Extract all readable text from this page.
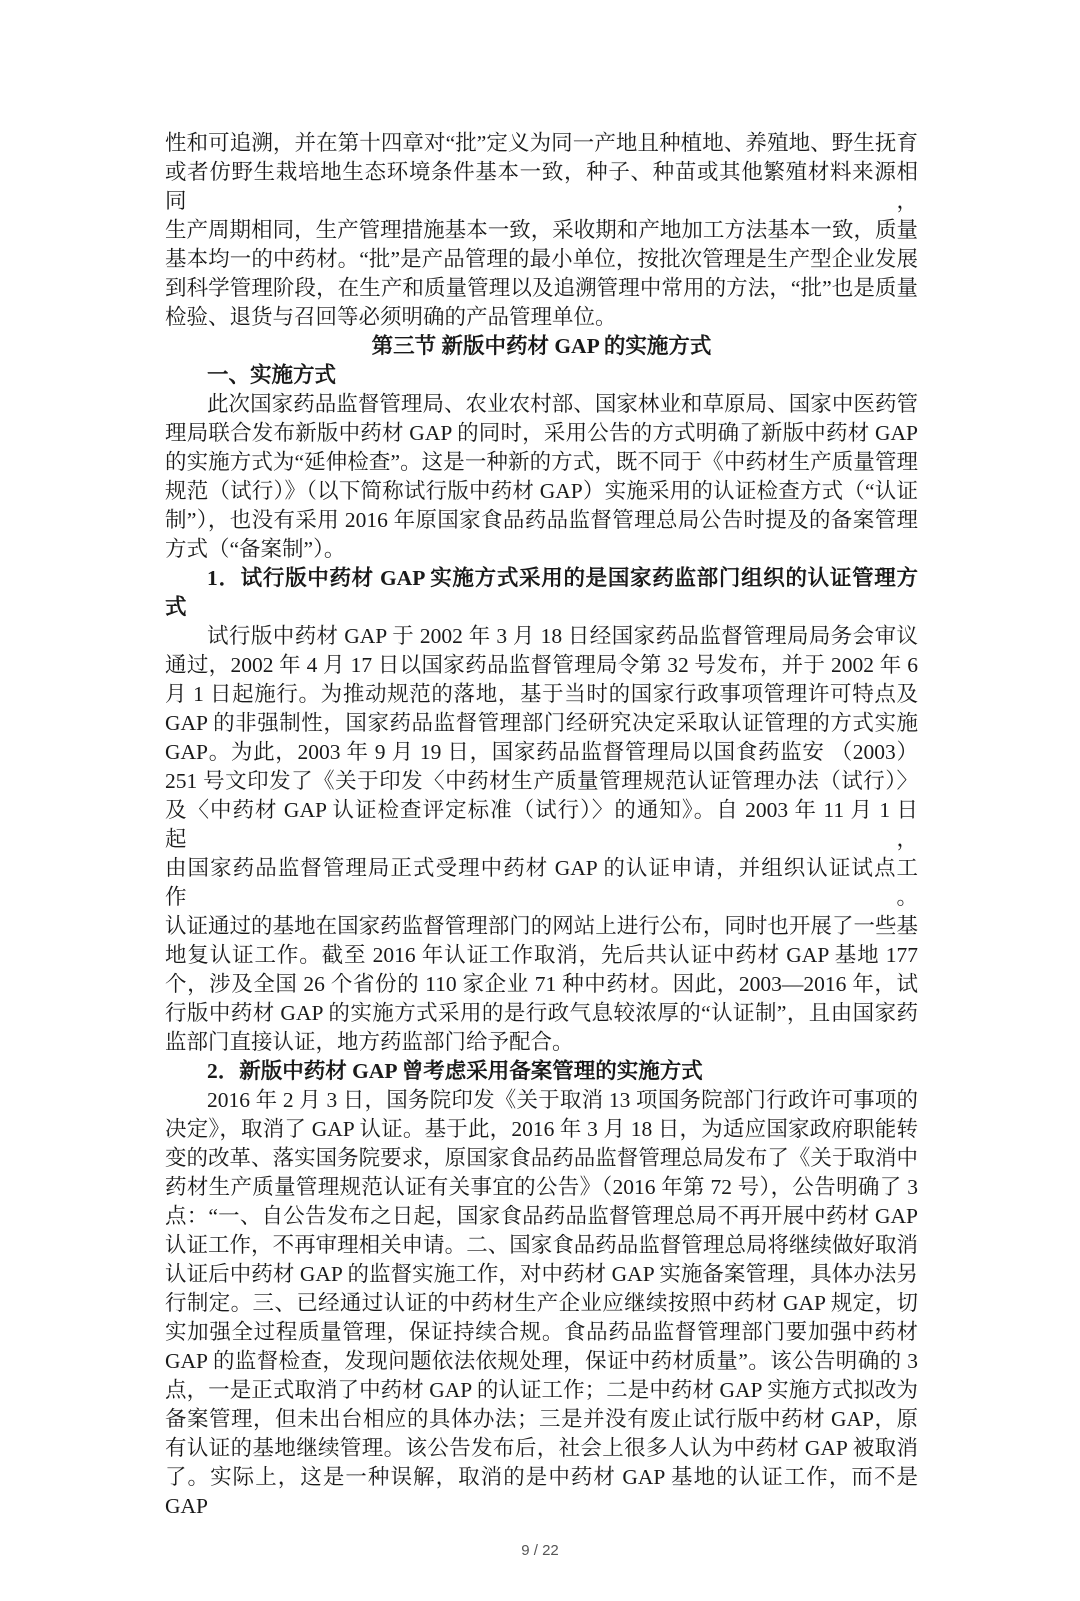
性和可追溯，并在第十四章对“批”定义为同一产地且种植地、养殖地、野生抚育
或者仿野生栽培地生态环境条件基本一致，种子、种苗或其他繁殖材料来源相同，
生产周期相同，生产管理措施基本一致，采收期和产地加工方法基本一致，质量
基本均一的中药材。“批”是产品管理的最小单位，按批次管理是生产型企业发展
到科学管理阶段，在生产和质量管理以及追溯管理中常用的方法，“批”也是质量
检验、退货与召回等必须明确的产品管理单位。
第三节 新版中药材 GAP 的实施方式
一、实施方式
此次国家药品监督管理局、农业农村部、国家林业和草原局、国家中医药管
理局联合发布新版中药材 GAP 的同时，采用公告的方式明确了新版中药材 GAP
的实施方式为“延伸检查”。这是一种新的方式，既不同于《中药材生产质量管理
规范（试行）》（以下简称试行版中药材 GAP）实施采用的认证检查方式（“认证
制”），也没有采用 2016 年原国家食品药品监督管理总局公告时提及的备案管理
方式（“备案制”）。
1．试行版中药材 GAP 实施方式采用的是国家药监部门组织的认证管理方
式
试行版中药材 GAP 于 2002 年 3 月 18 日经国家药品监督管理局局务会审议
通过，2002 年 4 月 17 日以国家药品监督管理局令第 32 号发布，并于 2002 年 6
月 1 日起施行。为推动规范的落地，基于当时的国家行政事项管理许可特点及
GAP 的非强制性，国家药品监督管理部门经研究决定采取认证管理的方式实施
GAP。为此，2003 年 9 月 19 日，国家药品监督管理局以国食药监安 （2003）
251 号文印发了《关于印发〈中药材生产质量管理规范认证管理办法（试行）〉
及〈中药材 GAP 认证检查评定标准（试行）〉的通知》。自 2003 年 11 月 1 日起，
由国家药品监督管理局正式受理中药材 GAP 的认证申请，并组织认证试点工作。
认证通过的基地在国家药监督管理部门的网站上进行公布，同时也开展了一些基
地复认证工作。截至 2016 年认证工作取消，先后共认证中药材 GAP 基地 177
个，涉及全国 26 个省份的 110 家企业 71 种中药材。因此，2003—2016 年，试
行版中药材 GAP 的实施方式采用的是行政气息较浓厚的“认证制”，且由国家药
监部门直接认证，地方药监部门给予配合。
2．新版中药材 GAP 曾考虑采用备案管理的实施方式
2016 年 2 月 3 日，国务院印发《关于取消 13 项国务院部门行政许可事项的
决定》，取消了 GAP 认证。基于此，2016 年 3 月 18 日，为适应国家政府职能转
变的改革、落实国务院要求，原国家食品药品监督管理总局发布了《关于取消中
药材生产质量管理规范认证有关事宜的公告》（2016 年第 72 号），公告明确了 3
点：“一、自公告发布之日起，国家食品药品监督管理总局不再开展中药材 GAP
认证工作，不再审理相关申请。二、国家食品药品监督管理总局将继续做好取消
认证后中药材 GAP 的监督实施工作，对中药材 GAP 实施备案管理，具体办法另
行制定。三、已经通过认证的中药材生产企业应继续按照中药材 GAP 规定，切
实加强全过程质量管理，保证持续合规。食品药品监督管理部门要加强中药材
GAP 的监督检查，发现问题依法依规处理，保证中药材质量”。该公告明确的 3
点，一是正式取消了中药材 GAP 的认证工作；二是中药材 GAP 实施方式拟改为
备案管理，但未出台相应的具体办法；三是并没有废止试行版中药材 GAP，原
有认证的基地继续管理。该公告发布后，社会上很多人认为中药材 GAP 被取消
了。实际上，这是一种误解，取消的是中药材 GAP 基地的认证工作，而不是 GAP
9 / 22
